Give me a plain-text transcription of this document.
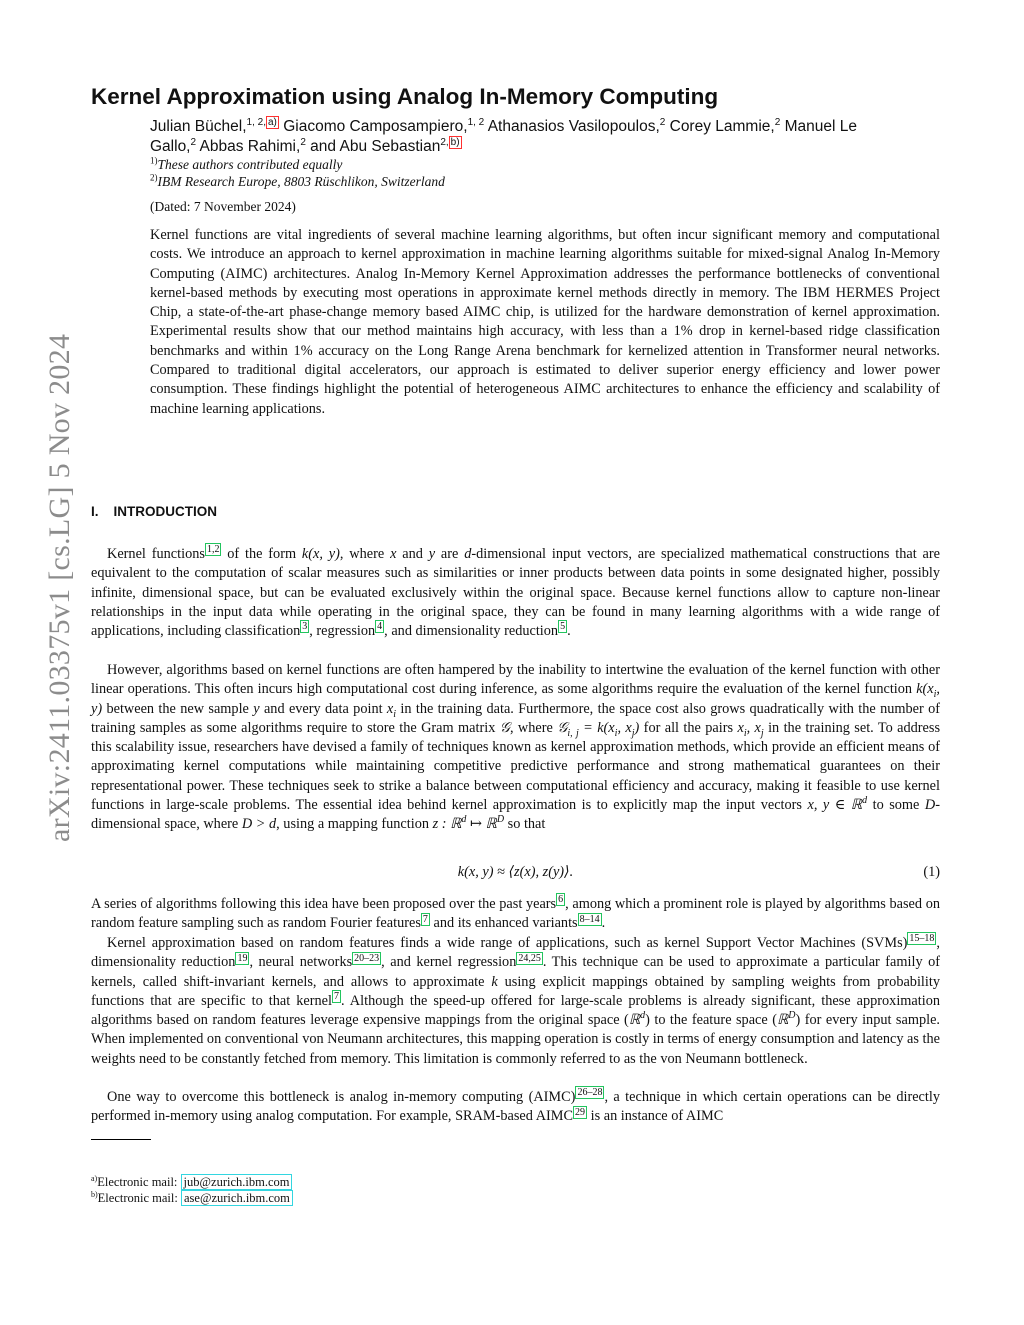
arXiv:2411.03375v1 [cs.LG] 5 Nov 2024
Kernel Approximation using Analog In-Memory Computing
Julian Büchel,$^{1, 2,}$ $^{a)}$ Giacomo Camposampiero,$^{1, 2}$ Athanasios Vasilopoulos,$^2$ Corey Lammie,$^2$ Manuel Le
Gallo,$^2$ Abbas Rahimi,$^2$ and Abu Sebastian$^{2,}$ $^{b)}$
$^{1)}$These authors contributed equally
$^{2)}$IBM Research Europe, 8803 Rüschlikon, Switzerland
(Dated: 7 November 2024)
Kernel functions are vital ingredients of several machine learning algorithms, but often incur significant memory and computational costs. We introduce an approach to kernel approximation in machine learning algorithms suitable for mixed-signal Analog In-Memory Computing (AIMC) architectures. Analog In-Memory Kernel Approximation addresses the performance bottlenecks of conventional kernel-based methods by executing most operations in approximate kernel methods directly in memory. The IBM HERMES Project Chip, a state-of-the-art phase-change memory based AIMC chip, is utilized for the hardware demonstration of kernel approximation. Experimental results show that our method maintains high accuracy, with less than a 1% drop in kernel-based ridge classification benchmarks and within 1% accuracy on the Long Range Arena benchmark for kernelized attention in Transformer neural networks. Compared to traditional digital accelerators, our approach is estimated to deliver superior energy efficiency and lower power consumption. These findings highlight the potential of heterogeneous AIMC architectures to enhance the efficiency and scalability of machine learning applications.
I.    INTRODUCTION
Kernel functions $^{1,2}$ of the form k(x, y), where x and y are d-dimensional input vectors, are specialized mathematical constructions that are equivalent to the computation of scalar measures such as similarities or inner products between data points in some designated higher, possibly infinite, dimensional space, but can be evaluated exclusively within the original space. Because kernel functions allow to capture non-linear relationships in the input data while operating in the original space, they can be found in many learning algorithms with a wide range of applications, including classification $^3$ , regression $^4$ , and dimensionality reduction $^5$ .
However, algorithms based on kernel functions are often hampered by the inability to intertwine the evaluation of the kernel function with other linear operations. This often incurs high computational cost during inference, as some algorithms require the evaluation of the kernel function $k(x_i$, y) between the new sample y and every data point $x_i$ in the training data. Furthermore, the space cost also grows quadratically with the number of training samples as some algorithms require to store the Gram matrix 𝒢, where 𝒢$_{i, j}$ = $k(x_i$, $x_j$) for all the pairs $x_i$, $x_j$ in the training set. To address this scalability issue, researchers have devised a family of techniques known as kernel approximation methods, which provide an efficient means of approximating kernel computations while maintaining competitive predictive performance and strong mathematical guarantees on their representational power. These techniques seek to strike a balance between computational efficiency and accuracy, making it feasible to use kernel functions in large-scale problems. The essential idea behind kernel approximation is to explicitly map the input vectors x, y ∈ ℝ$^d$ to some D-dimensional space, where D > d, using a mapping function z : ℝ$^d$ ↦ ℝ$^D$ so that
k(x, y) ≈ ⟨z(x), z(y)⟩.	(1)
A series of algorithms following this idea have been proposed over the past years $^6$ , among which a prominent role is played by algorithms based on random feature sampling such as random Fourier features $^7$ and its enhanced variants $^{8-14}$ .
Kernel approximation based on random features finds a wide range of applications, such as kernel Support Vector Machines (SVMs) $^{15-18}$ , dimensionality reduction $^{19}$ , neural networks $^{20-23}$ , and kernel regression $^{24,25}$ . This technique can be used to approximate a particular family of kernels, called shift-invariant kernels, and allows to approximate k using explicit mappings obtained by sampling weights from probability functions that are specific to that kernel $^7$ . Although the speed-up offered for large-scale problems is already significant, these approximation algorithms based on random features leverage expensive mappings from the original space (ℝ$^d$) to the feature space (ℝ$^D$) for every input sample. When implemented on conventional von Neumann architectures, this mapping operation is costly in terms of energy consumption and latency as the weights need to be constantly fetched from memory. This limitation is commonly referred to as the von Neumann bottleneck.
One way to overcome this bottleneck is analog in-memory computing (AIMC) $^{26-28}$ , a technique in which certain operations can be directly performed in-memory using analog computation. For example, SRAM-based AIMC $^{29}$ is an instance of AIMC
$^{a)}$Electronic mail: jub@zurich.ibm.com
$^{b)}$Electronic mail: ase@zurich.ibm.com
